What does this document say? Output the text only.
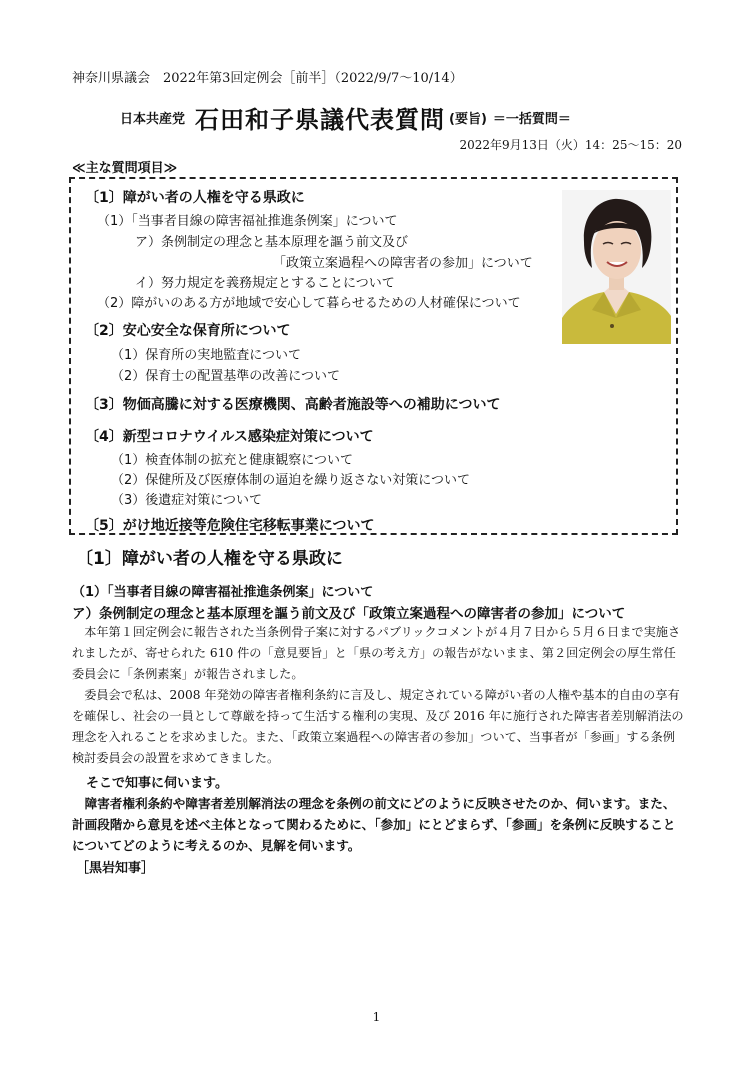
神奈川県議会　2022年第3回定例会［前半］（2022/9/7～10/14）
日本共産党 石田和子県議代表質問 (要旨) ＝一括質問＝
2022年9月13日（火）14：25～15：20
≪主な質問項目≫
〔1〕障がい者の人権を守る県政に
（1）「当事者目線の障害福祉推進条例案」について
ア）条例制定の理念と基本原理を謳う前文及び
「政策立案過程への障害者の参加」について
イ）努力規定を義務規定とすることについて
（2）障がいのある方が地域で安心して暮らせるための人材確保について
〔2〕安心安全な保育所について
（1）保育所の実地監査について
（2）保育士の配置基準の改善について
〔3〕物価高騰に対する医療機関、高齢者施設等への補助について
〔4〕新型コロナウイルス感染症対策について
（1）検査体制の拡充と健康観察について
（2）保健所及び医療体制の逼迫を繰り返さない対策について
（3）後遺症対策について
〔5〕がけ地近接等危険住宅移転事業について
〔1〕障がい者の人権を守る県政に
（1）「当事者目線の障害福祉推進条例案」について
ア）条例制定の理念と基本原理を謳う前文及び「政策立案過程への障害者の参加」について

本年第１回定例会に報告された当条例骨子案に対するパブリックコメントが４月７日から５月６日まで実施されましたが、寄せられた 610 件の「意見要旨」と「県の考え方」の報告がないまま、第２回定例会の厚生常任委員会に「条例素案」が報告されました。

委員会で私は、2008 年発効の障害者権利条約に言及し、規定されている障がい者の人権や基本的自由の享有を確保し、社会の一員として尊厳を持って生活する権利の実現、及び 2016 年に施行された障害者差別解消法の理念を入れることを求めました。また、「政策立案過程への障害者の参加」ついて、当事者が「参画」する条例検討委員会の設置を求めてきました。

そこで知事に伺います。

障害者権利条約や障害者差別解消法の理念を条例の前文にどのように反映させたのか、伺います。また、計画段階から意見を述べ主体となって関わるために、「参加」にとどまらず、「参画」を条例に反映することについてどのように考えるのか、見解を伺います。

［黒岩知事］
1
